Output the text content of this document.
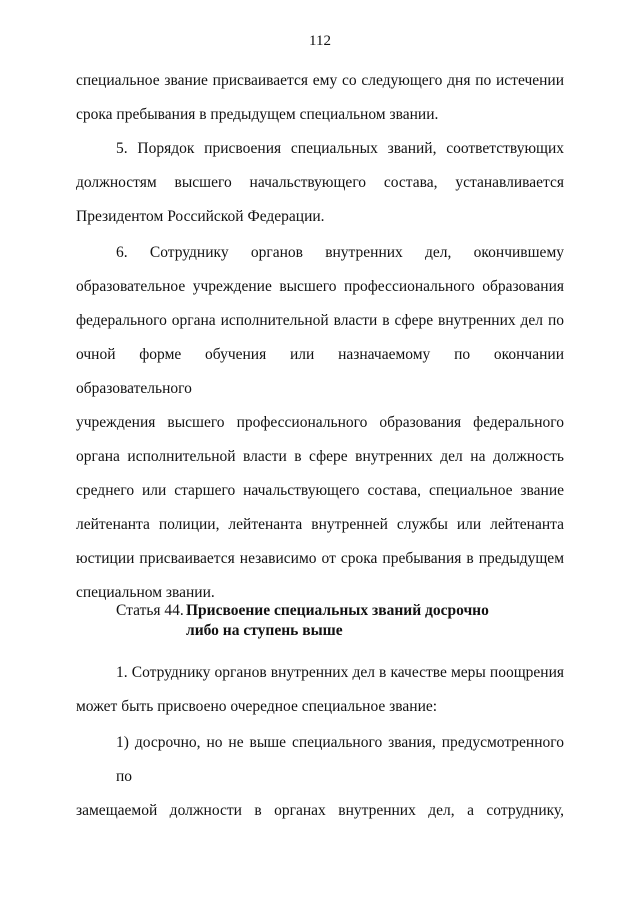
112
специальное звание присваивается ему со следующего дня по истечении
срока пребывания в предыдущем специальном звании.
5. Порядок присвоения специальных званий, соответствующих
должностям высшего начальствующего состава, устанавливается
Президентом Российской Федерации.
6. Сотруднику органов внутренних дел, окончившему
образовательное учреждение высшего профессионального образования
федерального органа исполнительной власти в сфере внутренних дел по
очной форме обучения или назначаемому по окончании образовательного
учреждения высшего профессионального образования федерального
органа исполнительной власти в сфере внутренних дел на должность
среднего или старшего начальствующего состава, специальное звание
лейтенанта полиции, лейтенанта внутренней службы или лейтенанта
юстиции присваивается независимо от срока пребывания в предыдущем
специальном звании.
Статья 44. Присвоение специальных званий досрочно
либо на ступень выше
1. Сотруднику органов внутренних дел в качестве меры поощрения
может быть присвоено очередное специальное звание:
1) досрочно, но не выше специального звания, предусмотренного по
замещаемой должности в органах внутренних дел, а сотруднику,
